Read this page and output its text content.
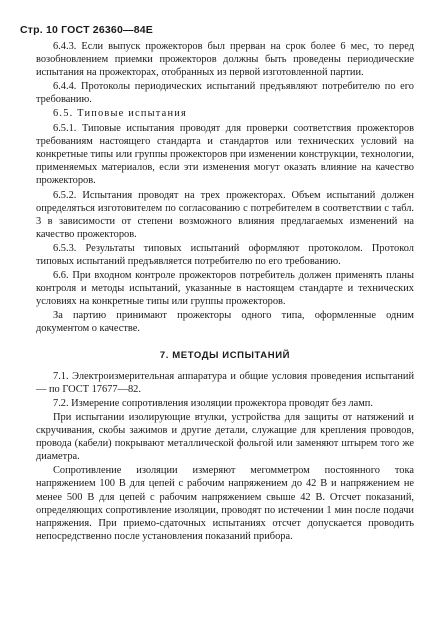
Стр. 10 ГОСТ 26360—84Е

6.4.3. Если выпуск прожекторов был прерван на срок более 6 мес, то перед возобновлением приемки прожекторов должны быть проведены периодические испытания на прожекторах, отобранных из первой изготовленной партии.

6.4.4. Протоколы периодических испытаний предъявляют потребителю по его требованию.

6.5. Типовые испытания

6.5.1. Типовые испытания проводят для проверки соответствия прожекторов требованиям настоящего стандарта и стандартов или технических условий на конкретные типы или группы прожекторов при изменении конструкции, технологии, применяемых материалов, если эти изменения могут оказать влияние на качество прожекторов.

6.5.2. Испытания проводят на трех прожекторах. Объем испытаний должен определяться изготовителем по согласованию с потребителем в соответствии с табл. 3 в зависимости от степени возможного влияния предлагаемых изменений на качество прожекторов.

6.5.3. Результаты типовых испытаний оформляют протоколом. Протокол типовых испытаний предъявляется потребителю по его требованию.

6.6. При входном контроле прожекторов потребитель должен применять планы контроля и методы испытаний, указанные в настоящем стандарте и технических условиях на конкретные типы или группы прожекторов.

За партию принимают прожекторы одного типа, оформленные одним документом о качестве.

7. МЕТОДЫ ИСПЫТАНИЙ

7.1. Электроизмерительная аппаратура и общие условия проведения испытаний — по ГОСТ 17677—82.

7.2. Измерение сопротивления изоляции прожектора проводят без ламп.

При испытании изолирующие втулки, устройства для защиты от натяжений и скручивания, скобы зажимов и другие детали, служащие для крепления проводов, провода (кабели) покрывают металлической фольгой или заменяют штырем того же диаметра.

Сопротивление изоляции измеряют мегомметром постоянного тока напряжением 100 В для цепей с рабочим напряжением до 42 В и напряжением не менее 500 В для цепей с рабочим напряжением свыше 42 В. Отсчет показаний, определяющих сопротивление изоляции, проводят по истечении 1 мин после подачи напряжения. При приемо-сдаточных испытаниях отсчет допускается проводить непосредственно после установления показаний прибора.
